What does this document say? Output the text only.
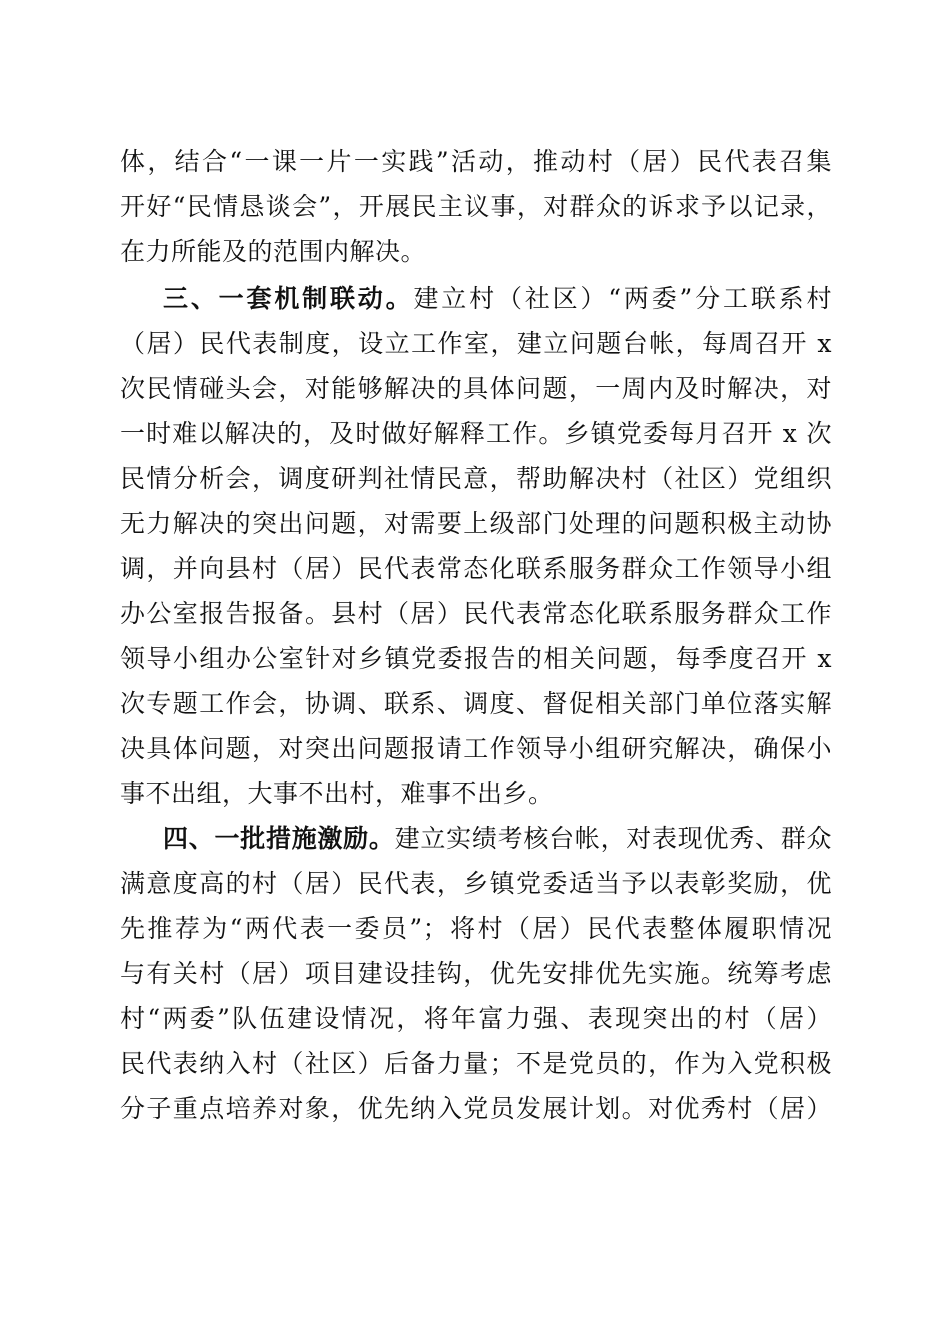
体，结合“一课一片一实践”活动，推动村（居）民代表召集
开好“民情恳谈会”，开展民主议事，对群众的诉求予以记录，
在力所能及的范围内解决。
三、一套机制联动。建立村（社区）“两委”分工联系村
（居）民代表制度，设立工作室，建立问题台帐，每周召开 x
次民情碰头会，对能够解决的具体问题，一周内及时解决，对
一时难以解决的，及时做好解释工作。乡镇党委每月召开 x 次
民情分析会，调度研判社情民意，帮助解决村（社区）党组织
无力解决的突出问题，对需要上级部门处理的问题积极主动协
调，并向县村（居）民代表常态化联系服务群众工作领导小组
办公室报告报备。县村（居）民代表常态化联系服务群众工作
领导小组办公室针对乡镇党委报告的相关问题，每季度召开 x
次专题工作会，协调、联系、调度、督促相关部门单位落实解
决具体问题，对突出问题报请工作领导小组研究解决，确保小
事不出组，大事不出村，难事不出乡。
四、一批措施激励。建立实绩考核台帐，对表现优秀、群众
满意度高的村（居）民代表，乡镇党委适当予以表彰奖励，优
先推荐为“两代表一委员”；将村（居）民代表整体履职情况
与有关村（居）项目建设挂钩，优先安排优先实施。统筹考虑
村“两委”队伍建设情况，将年富力强、表现突出的村（居）
民代表纳入村（社区）后备力量；不是党员的，作为入党积极
分子重点培养对象，优先纳入党员发展计划。对优秀村（居）
